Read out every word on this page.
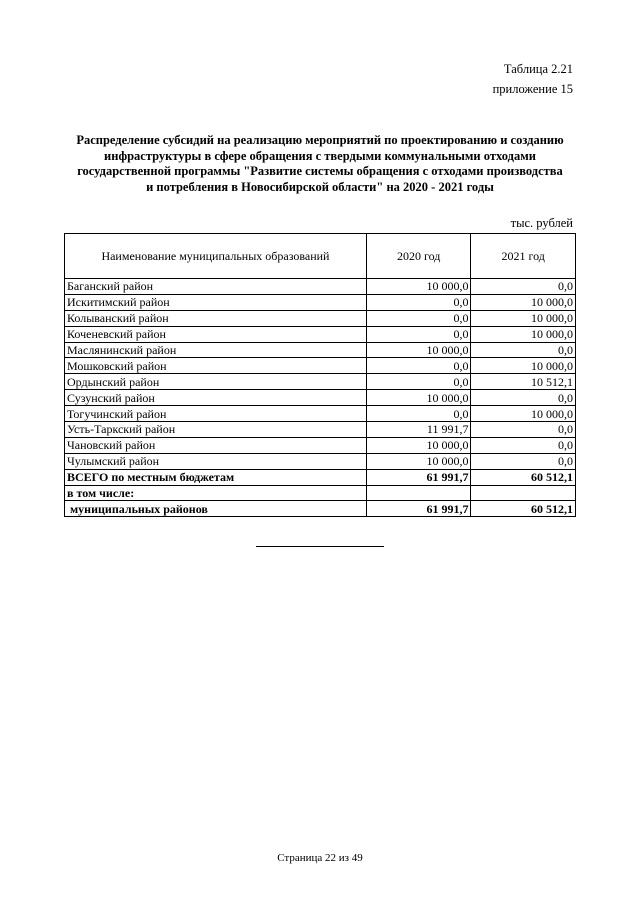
Таблица 2.21
приложение 15
Распределение субсидий на реализацию мероприятий по проектированию и созданию
инфраструктуры в сфере обращения с твердыми коммунальными отходами
государственной программы "Развитие системы обращения с отходами производства
и потребления в Новосибирской области" на 2020 - 2021 годы
тыс. рублей
Наименование муниципальных образований	2020 год	2021 год
Баганский район	10 000,0	0,0
Искитимский район	0,0	10 000,0
Колыванский район	0,0	10 000,0
Коченевский район	0,0	10 000,0
Маслянинский район	10 000,0	0,0
Мошковский район	0,0	10 000,0
Ордынский район	0,0	10 512,1
Сузунский район	10 000,0	0,0
Тогучинский район	0,0	10 000,0
Усть-Таркский район	11 991,7	0,0
Чановский район	10 000,0	0,0
Чулымский район	10 000,0	0,0
ВСЕГО по местным бюджетам	61 991,7	60 512,1
в том числе:		
муниципальных районов	61 991,7	60 512,1
Страница 22 из 49
